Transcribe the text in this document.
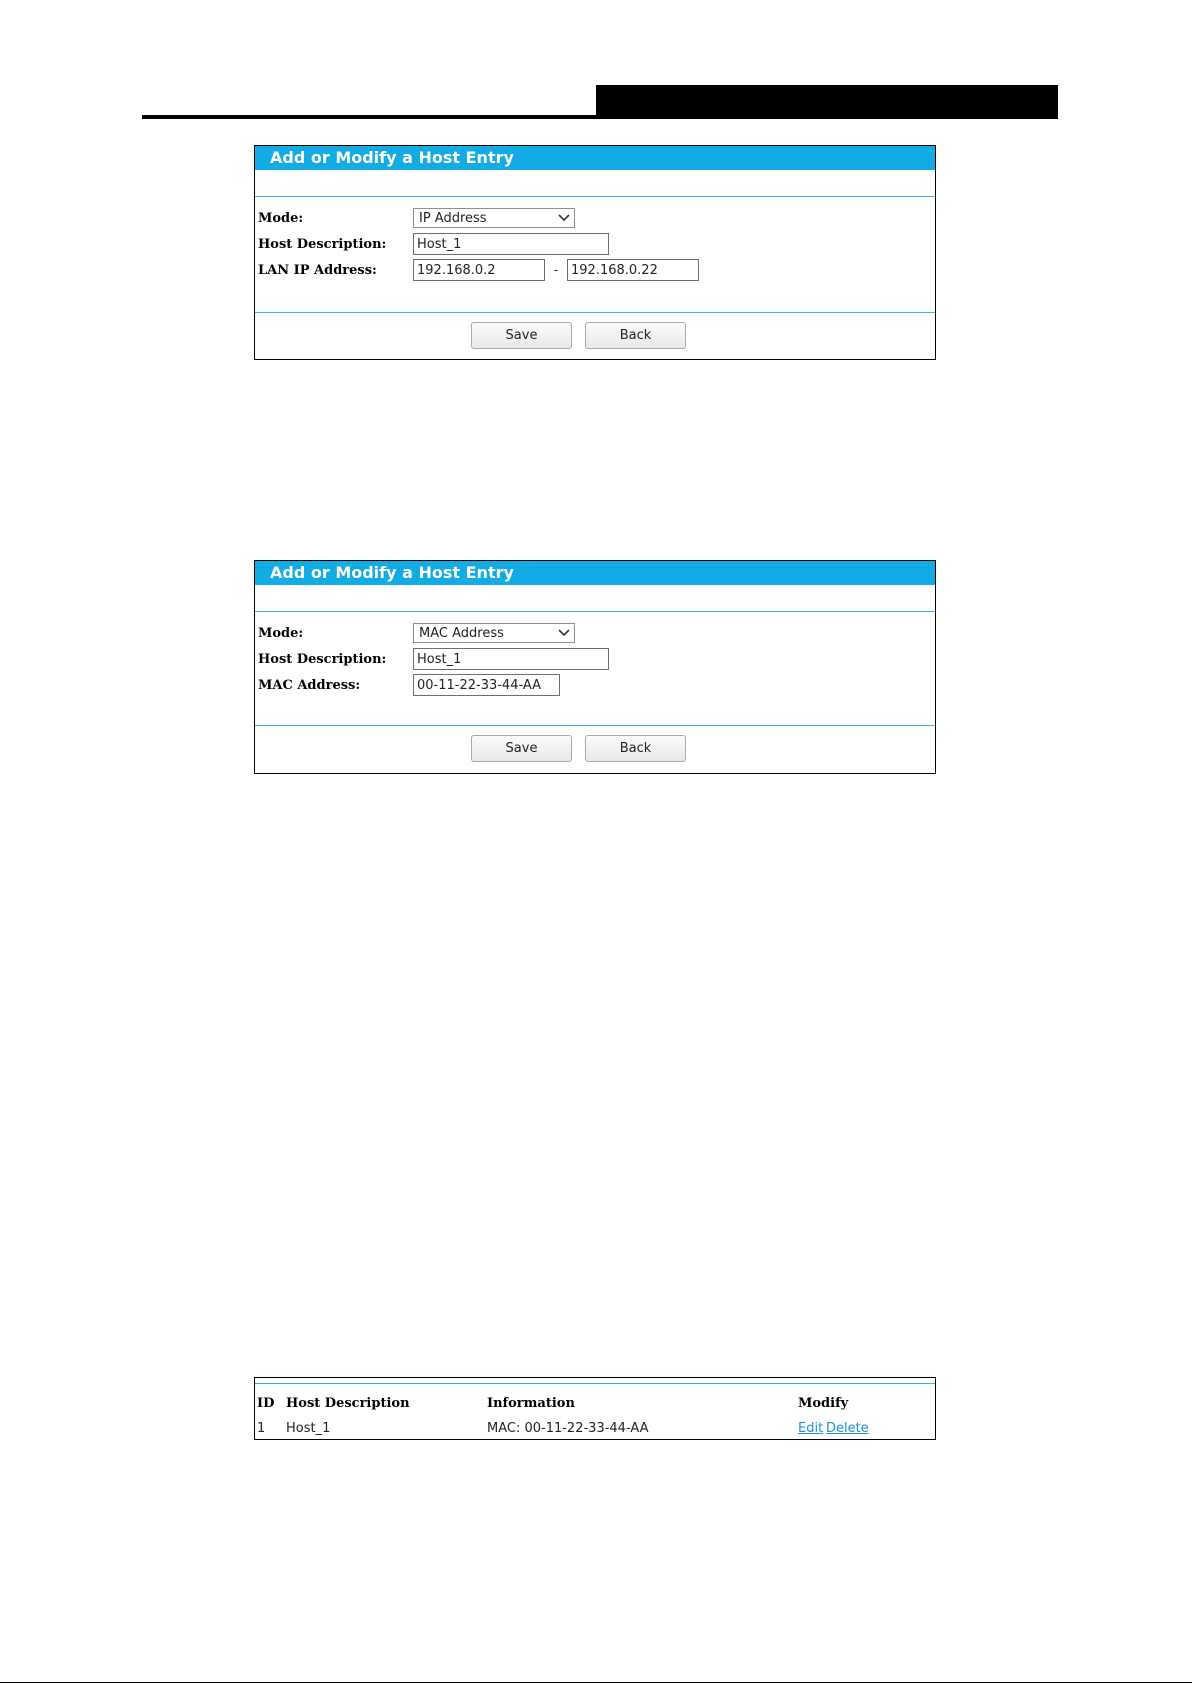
Add or Modify a Host Entry
Mode:	IP Address
Host Description:	Host_1
LAN IP Address:	192.168.0.2	- 192.168.0.22
Save	Back
Add or Modify a Host Entry
Mode:	MAC Address
Host Description:	Host_1
MAC Address:	00-11-22-33-44-AA
Save	Back
ID Host Description	Information	Modify
1 Host_1	MAC: 00-11-22-33-44-AA	Edit Delete
